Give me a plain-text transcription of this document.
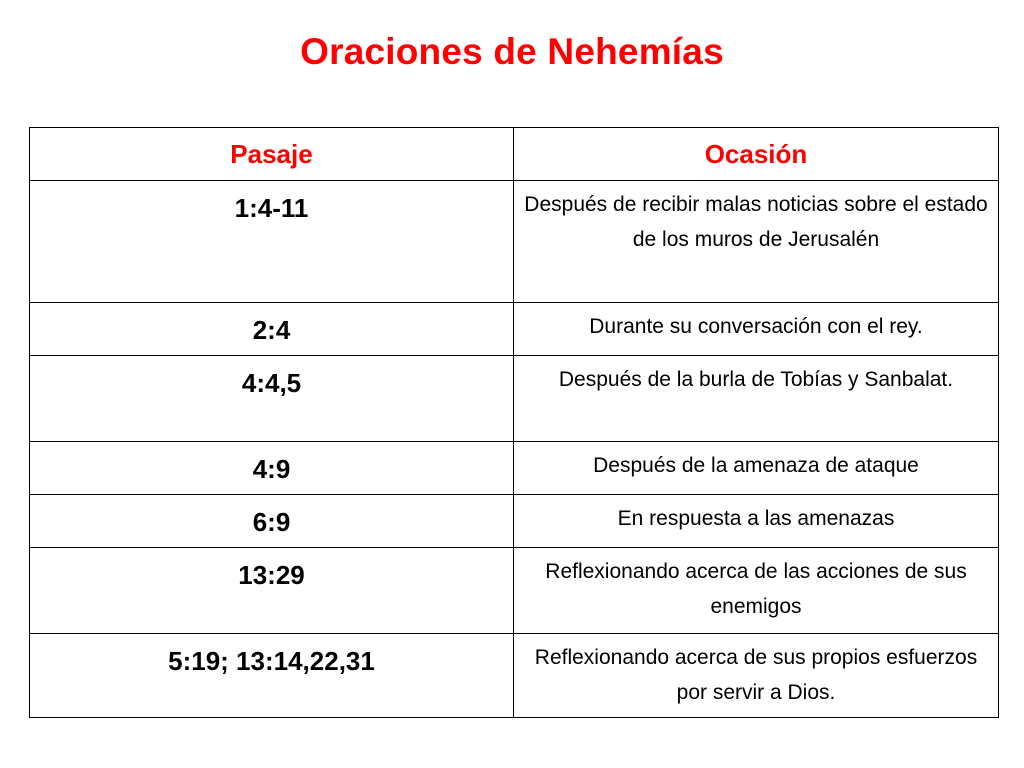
Oraciones de Nehemías
Pasaje	Ocasión
1:4-11	Después de recibir malas noticias sobre el estado de los muros de Jerusalén
2:4	Durante su conversación con el rey.
4:4,5	Después de la burla de Tobías y Sanbalat.
4:9	Después de la amenaza de ataque
6:9	En respuesta a las amenazas
13:29	Reflexionando acerca de las acciones de sus enemigos
5:19; 13:14,22,31	Reflexionando acerca de sus propios esfuerzos por servir a Dios.
